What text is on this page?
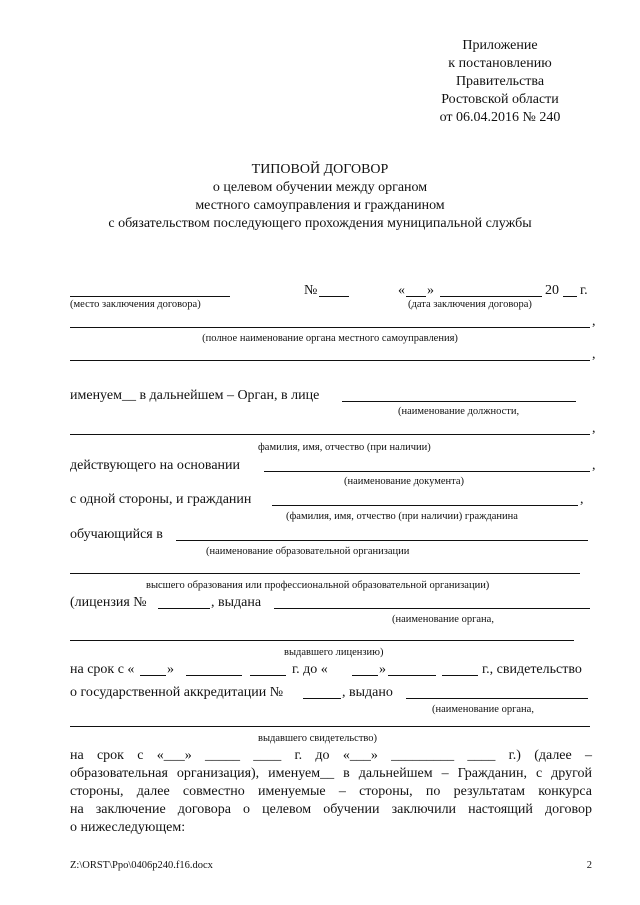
Приложение
к постановлению
Правительства
Ростовской области
от 06.04.2016 № 240
ТИПОВОЙ ДОГОВОР
о целевом обучении между органом
местного самоуправления и гражданином
с обязательством последующего прохождения муниципальной службы
№	« »	20 г.
(место заключения договора)	(дата заключения договора)
,
(полное наименование органа местного самоуправления)
,
именуем__ в дальнейшем – Орган, в лице
(наименование должности,
,
фамилия, имя, отчество (при наличии)
действующего на основании	,
(наименование документа)
с одной стороны, и гражданин	,
(фамилия, имя, отчество (при наличии) гражданина
обучающийся в
(наименование образовательной организации
высшего образования или профессиональной образовательной организации)
(лицензия №	, выдана
(наименование органа,
выдавшего лицензию)
на срок с « »	г. до «	»	г., свидетельство
о государственной аккредитации №	, выдано
(наименование органа,
выдавшего свидетельство)
на срок с «___» _____ ____ г. до «___» _________ ____ г.) (далее –
образовательная организация), именуем__ в дальнейшем – Гражданин, с другой
стороны, далее совместно именуемые – стороны, по результатам конкурса
на заключение договора о целевом обучении заключили настоящий договор
о нижеследующем:
Z:\ORST\Ppo\0406p240.f16.docx	2
